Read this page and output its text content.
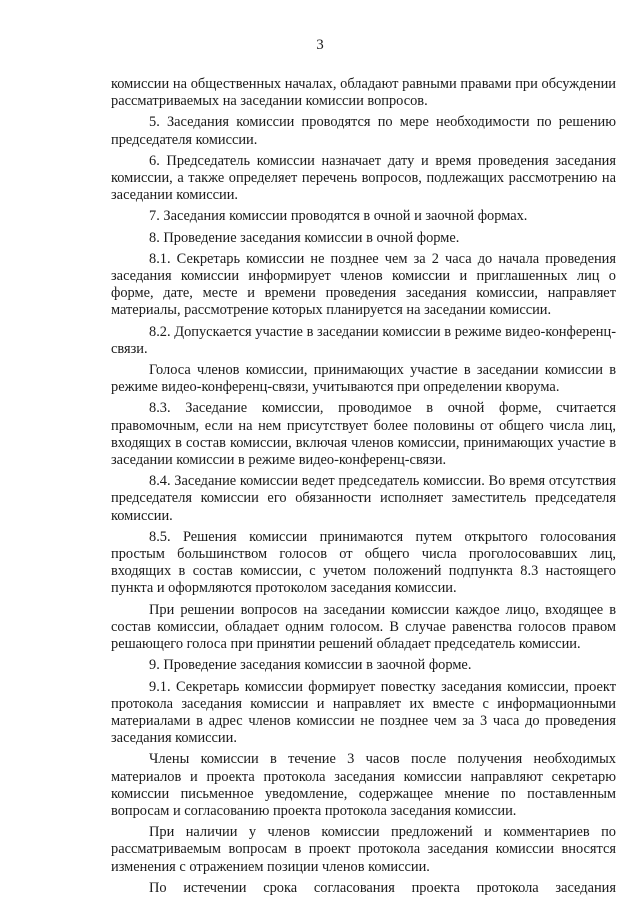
3

комиссии на общественных началах, обладают равными правами при обсуждении рассматриваемых на заседании комиссии вопросов.

5. Заседания комиссии проводятся по мере необходимости по решению председателя комиссии.

6. Председатель комиссии назначает дату и время проведения заседания комиссии, а также определяет перечень вопросов, подлежащих рассмотрению на заседании комиссии.

7. Заседания комиссии проводятся в очной и заочной формах.

8. Проведение заседания комиссии в очной форме.

8.1. Секретарь комиссии не позднее чем за 2 часа до начала проведения заседания комиссии информирует членов комиссии и приглашенных лиц о форме, дате, месте и времени проведения заседания комиссии, направляет материалы, рассмотрение которых планируется на заседании комиссии.

8.2. Допускается участие в заседании комиссии в режиме видео-конференц-связи.

Голоса членов комиссии, принимающих участие в заседании комиссии в режиме видео-конференц-связи, учитываются при определении кворума.

8.3. Заседание комиссии, проводимое в очной форме, считается правомочным, если на нем присутствует более половины от общего числа лиц, входящих в состав комиссии, включая членов комиссии, принимающих участие в заседании комиссии в режиме видео-конференц-связи.

8.4. Заседание комиссии ведет председатель комиссии. Во время отсутствия председателя комиссии его обязанности исполняет заместитель председателя комиссии.

8.5. Решения комиссии принимаются путем открытого голосования простым большинством голосов от общего числа проголосовавших лиц, входящих в состав комиссии, с учетом положений подпункта 8.3 настоящего пункта и оформляются протоколом заседания комиссии.

При решении вопросов на заседании комиссии каждое лицо, входящее в состав комиссии, обладает одним голосом. В случае равенства голосов правом решающего голоса при принятии решений обладает председатель комиссии.

9. Проведение заседания комиссии в заочной форме.

9.1. Секретарь комиссии формирует повестку заседания комиссии, проект протокола заседания комиссии и направляет их вместе с информационными материалами в адрес членов комиссии не позднее чем за 3 часа до проведения заседания комиссии.

Члены комиссии в течение 3 часов после получения необходимых материалов и проекта протокола заседания комиссии направляют секретарю комиссии письменное уведомление, содержащее мнение по поставленным вопросам и согласованию проекта протокола заседания комиссии.

При наличии у членов комиссии предложений и комментариев по рассматриваемым вопросам в проект протокола заседания комиссии вносятся изменения с отражением позиции членов комиссии.

По истечении срока согласования проекта протокола заседания
